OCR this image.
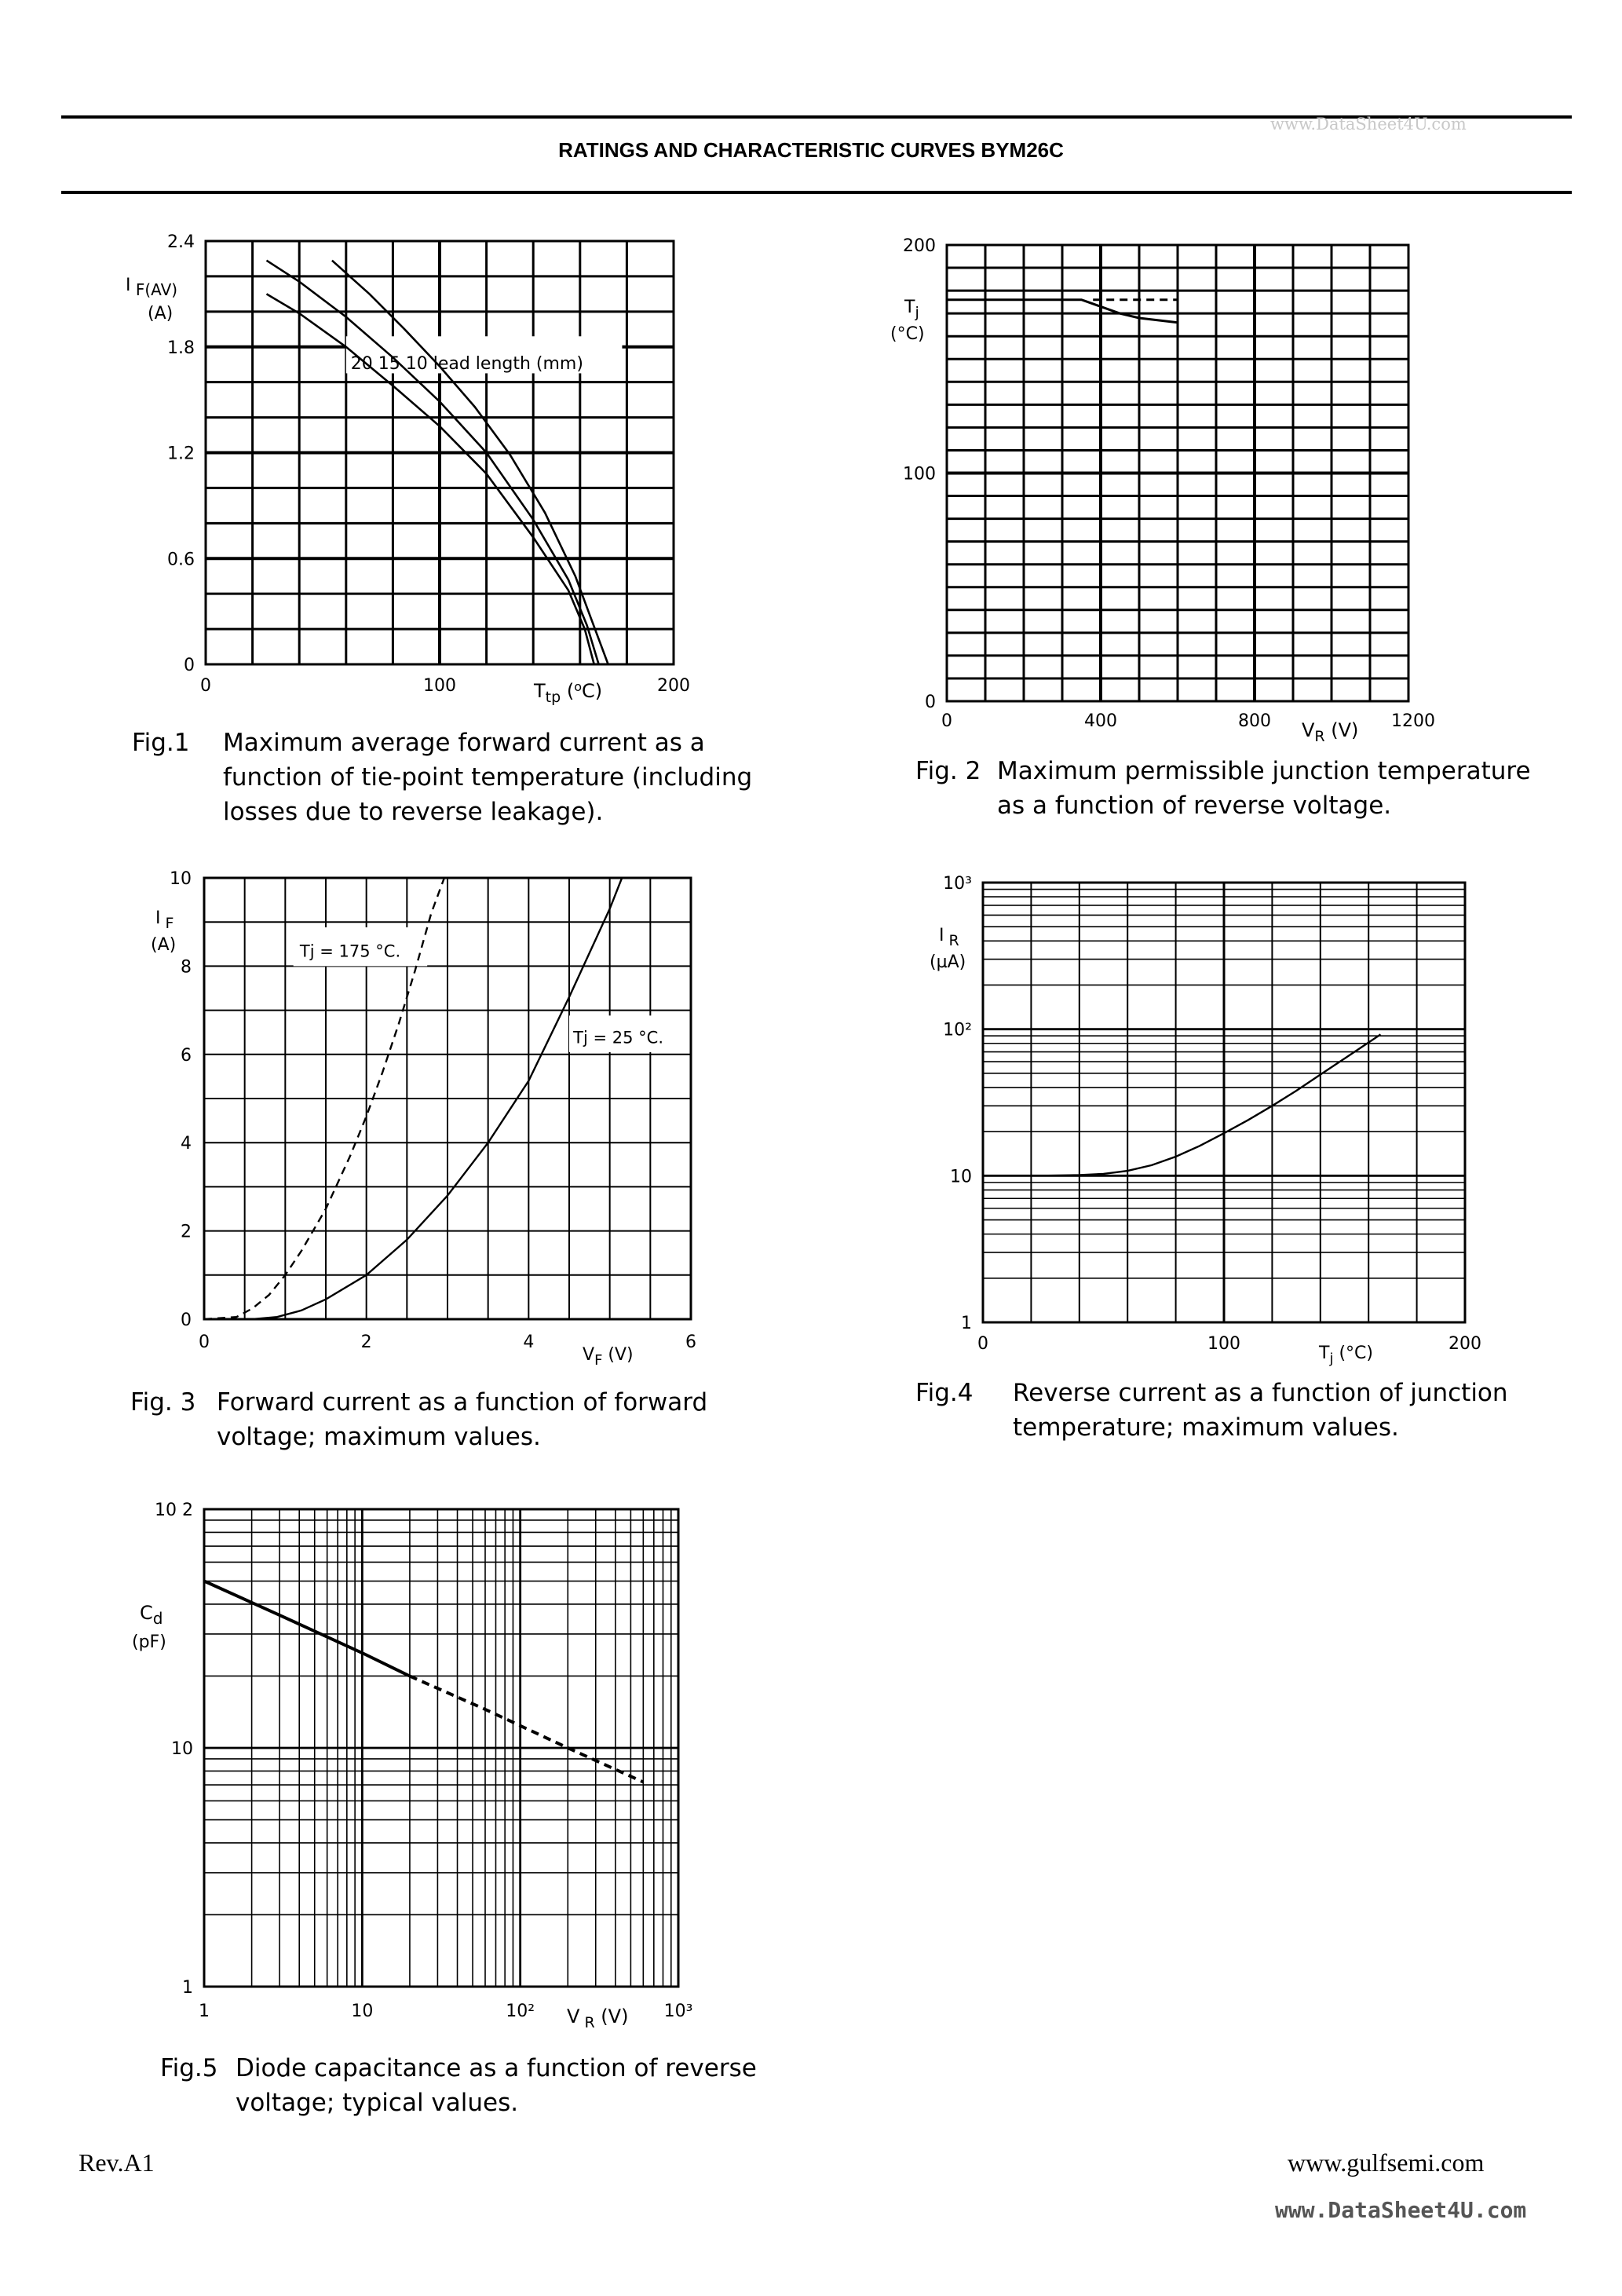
www.DataSheet4U.com
RATINGS AND CHARACTERISTIC CURVES BYM26C
0
0.6
1.2
1.8
2.4
0	100	200
20 15 10 lead length (mm)
I F(AV) (A)
$T_{tp}$ ($^o$C)
Fig.1 Maximum average forward current as a function of tie-point temperature (including losses due to reverse leakage).
0
100
200
0	400	800	1200
Tj (°C)
$V_R$ (V)
Fig. 2 Maximum permissible junction temperature as a function of reverse voltage.
0
2
4
6
8
10
0	2	4	6
Tj = 175 °C.
Tj = 25 °C.
I F (A)
$V_F$ (V)
Fig. 3 Forward current as a function of forward voltage; maximum values.
1
10
10²
10³
0	100	200
I R (µA)
$T_j$ (°C)
Fig.4 Reverse current as a function of junction temperature; maximum values.
1
10
10 2
1	10	10²	10³
$C_d$ (pF)
V $_R$ (V)
Fig.5 Diode capacitance as a function of reverse voltage; typical values.
Rev.A1	www.gulfsemi.com
www.DataSheet4U.com
